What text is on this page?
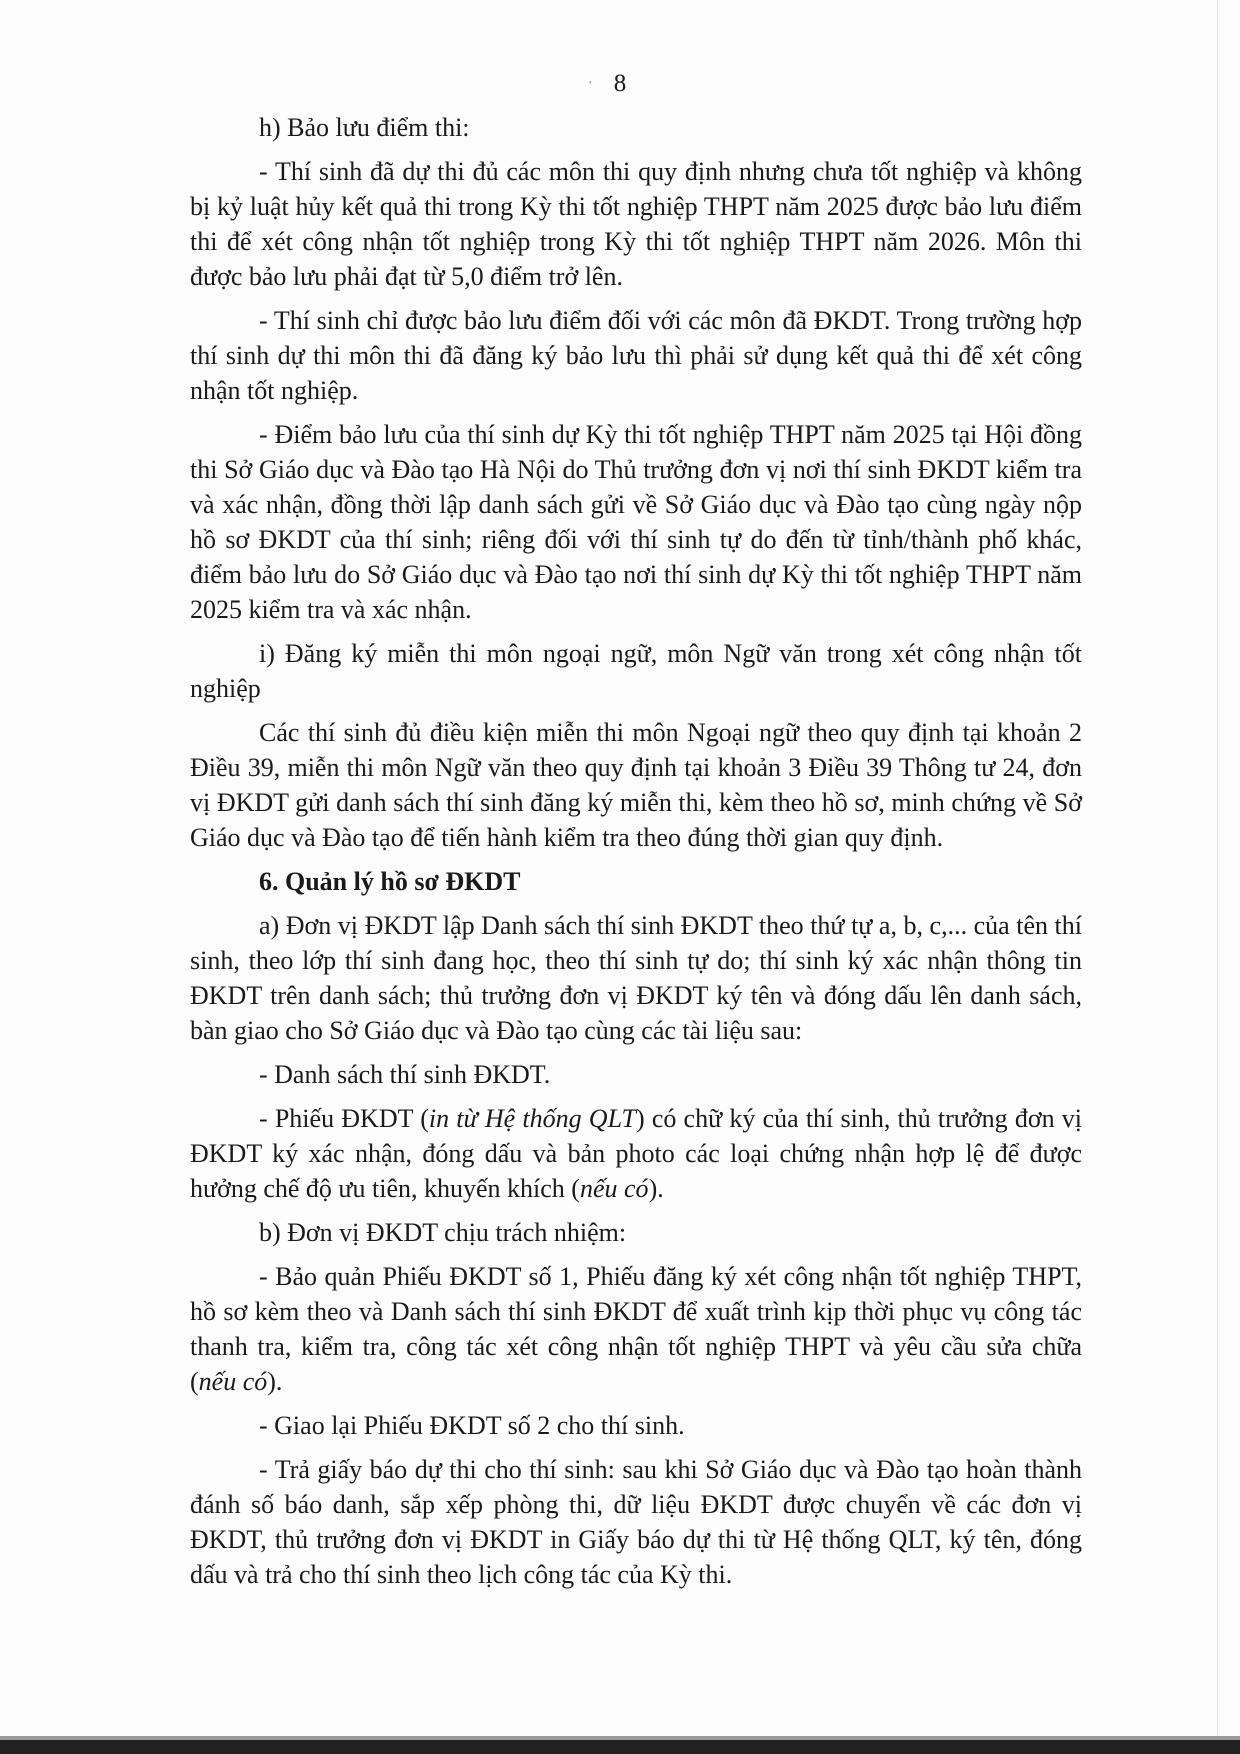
· 8

h) Bảo lưu điểm thi:

- Thí sinh đã dự thi đủ các môn thi quy định nhưng chưa tốt nghiệp và không bị kỷ luật hủy kết quả thi trong Kỳ thi tốt nghiệp THPT năm 2025 được bảo lưu điểm thi để xét công nhận tốt nghiệp trong Kỳ thi tốt nghiệp THPT năm 2026. Môn thi được bảo lưu phải đạt từ 5,0 điểm trở lên.

- Thí sinh chỉ được bảo lưu điểm đối với các môn đã ĐKDT. Trong trường hợp thí sinh dự thi môn thi đã đăng ký bảo lưu thì phải sử dụng kết quả thi để xét công nhận tốt nghiệp.

- Điểm bảo lưu của thí sinh dự Kỳ thi tốt nghiệp THPT năm 2025 tại Hội đồng thi Sở Giáo dục và Đào tạo Hà Nội do Thủ trưởng đơn vị nơi thí sinh ĐKDT kiểm tra và xác nhận, đồng thời lập danh sách gửi về Sở Giáo dục và Đào tạo cùng ngày nộp hồ sơ ĐKDT của thí sinh; riêng đối với thí sinh tự do đến từ tỉnh/thành phố khác, điểm bảo lưu do Sở Giáo dục và Đào tạo nơi thí sinh dự Kỳ thi tốt nghiệp THPT năm 2025 kiểm tra và xác nhận.

i) Đăng ký miễn thi môn ngoại ngữ, môn Ngữ văn trong xét công nhận tốt nghiệp

Các thí sinh đủ điều kiện miễn thi môn Ngoại ngữ theo quy định tại khoản 2 Điều 39, miễn thi môn Ngữ văn theo quy định tại khoản 3 Điều 39 Thông tư 24, đơn vị ĐKDT gửi danh sách thí sinh đăng ký miễn thi, kèm theo hồ sơ, minh chứng về Sở Giáo dục và Đào tạo để tiến hành kiểm tra theo đúng thời gian quy định.

6. Quản lý hồ sơ ĐKDT

a) Đơn vị ĐKDT lập Danh sách thí sinh ĐKDT theo thứ tự a, b, c,... của tên thí sinh, theo lớp thí sinh đang học, theo thí sinh tự do; thí sinh ký xác nhận thông tin ĐKDT trên danh sách; thủ trưởng đơn vị ĐKDT ký tên và đóng dấu lên danh sách, bàn giao cho Sở Giáo dục và Đào tạo cùng các tài liệu sau:

- Danh sách thí sinh ĐKDT.

- Phiếu ĐKDT (in từ Hệ thống QLT) có chữ ký của thí sinh, thủ trưởng đơn vị ĐKDT ký xác nhận, đóng dấu và bản photo các loại chứng nhận hợp lệ để được hưởng chế độ ưu tiên, khuyến khích (nếu có).

b) Đơn vị ĐKDT chịu trách nhiệm:

- Bảo quản Phiếu ĐKDT số 1, Phiếu đăng ký xét công nhận tốt nghiệp THPT, hồ sơ kèm theo và Danh sách thí sinh ĐKDT để xuất trình kịp thời phục vụ công tác thanh tra, kiểm tra, công tác xét công nhận tốt nghiệp THPT và yêu cầu sửa chữa (nếu có).

- Giao lại Phiếu ĐKDT số 2 cho thí sinh.

- Trả giấy báo dự thi cho thí sinh: sau khi Sở Giáo dục và Đào tạo hoàn thành đánh số báo danh, sắp xếp phòng thi, dữ liệu ĐKDT được chuyển về các đơn vị ĐKDT, thủ trưởng đơn vị ĐKDT in Giấy báo dự thi từ Hệ thống QLT, ký tên, đóng dấu và trả cho thí sinh theo lịch công tác của Kỳ thi.
